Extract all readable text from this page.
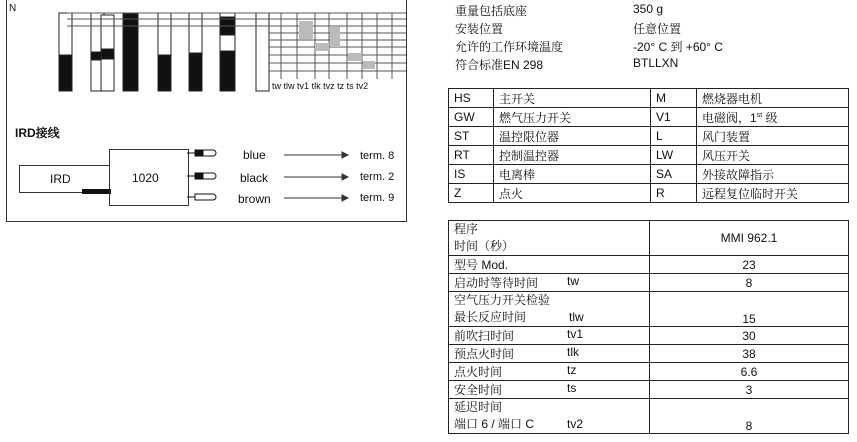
N
tw tlw tv1 tlk tvz tz ts tv2
IRD接线
IRD	1020
blue
black
brown
term. 8
term. 2
term. 9
重量包括底座	350 g
安装位置	任意位置
允许的工作环境温度	-20° C 到 +60° C
符合标准EN 298	BTLLXN
HS	主开关	M	燃烧器电机
GW	燃气压力开关	V1	电磁阀，1st 级
ST	温控限位器	L	风门装置
RT	控制温控器	LW	风压开关
IS	电离棒	SA	外接故障指示
Z	点火	R	远程复位临时开关
程序
时间（秒）	MMI 962.1
型号 Mod.	23
启动时等待时间 tw	8

空气压力开关检验
最长反应时间 tlw	15
前吹扫时间 tv1	30
预点火时间 tlk	38
点火时间 tz	6.6
安全时间 ts	3

延迟时间
端口 6 / 端口 C tv2	8
